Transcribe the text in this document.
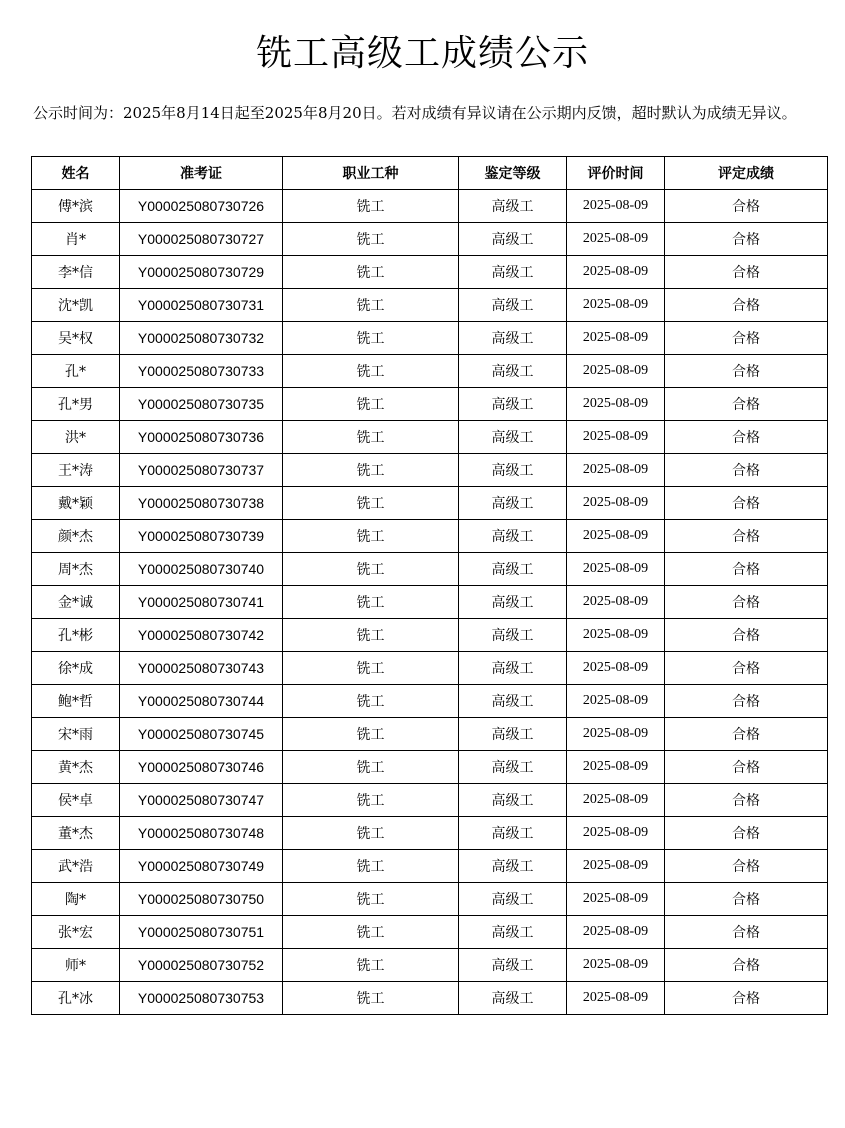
铣工高级工成绩公示
公示时间为：2025年8月14日起至2025年8月20日。若对成绩有异议请在公示期内反馈，超时默认为成绩无异议。
姓名	准考证	职业工种	鉴定等级	评价时间	评定成绩
傅*滨	Y000025080730726	铣工	高级工	2025-08-09	合格
肖*	Y000025080730727	铣工	高级工	2025-08-09	合格
李*信	Y000025080730729	铣工	高级工	2025-08-09	合格
沈*凯	Y000025080730731	铣工	高级工	2025-08-09	合格
吴*权	Y000025080730732	铣工	高级工	2025-08-09	合格
孔*	Y000025080730733	铣工	高级工	2025-08-09	合格
孔*男	Y000025080730735	铣工	高级工	2025-08-09	合格
洪*	Y000025080730736	铣工	高级工	2025-08-09	合格
王*涛	Y000025080730737	铣工	高级工	2025-08-09	合格
戴*颖	Y000025080730738	铣工	高级工	2025-08-09	合格
颜*杰	Y000025080730739	铣工	高级工	2025-08-09	合格
周*杰	Y000025080730740	铣工	高级工	2025-08-09	合格
金*诚	Y000025080730741	铣工	高级工	2025-08-09	合格
孔*彬	Y000025080730742	铣工	高级工	2025-08-09	合格
徐*成	Y000025080730743	铣工	高级工	2025-08-09	合格
鲍*哲	Y000025080730744	铣工	高级工	2025-08-09	合格
宋*雨	Y000025080730745	铣工	高级工	2025-08-09	合格
黄*杰	Y000025080730746	铣工	高级工	2025-08-09	合格
侯*卓	Y000025080730747	铣工	高级工	2025-08-09	合格
董*杰	Y000025080730748	铣工	高级工	2025-08-09	合格
武*浩	Y000025080730749	铣工	高级工	2025-08-09	合格
陶*	Y000025080730750	铣工	高级工	2025-08-09	合格
张*宏	Y000025080730751	铣工	高级工	2025-08-09	合格
师*	Y000025080730752	铣工	高级工	2025-08-09	合格
孔*冰	Y000025080730753	铣工	高级工	2025-08-09	合格
